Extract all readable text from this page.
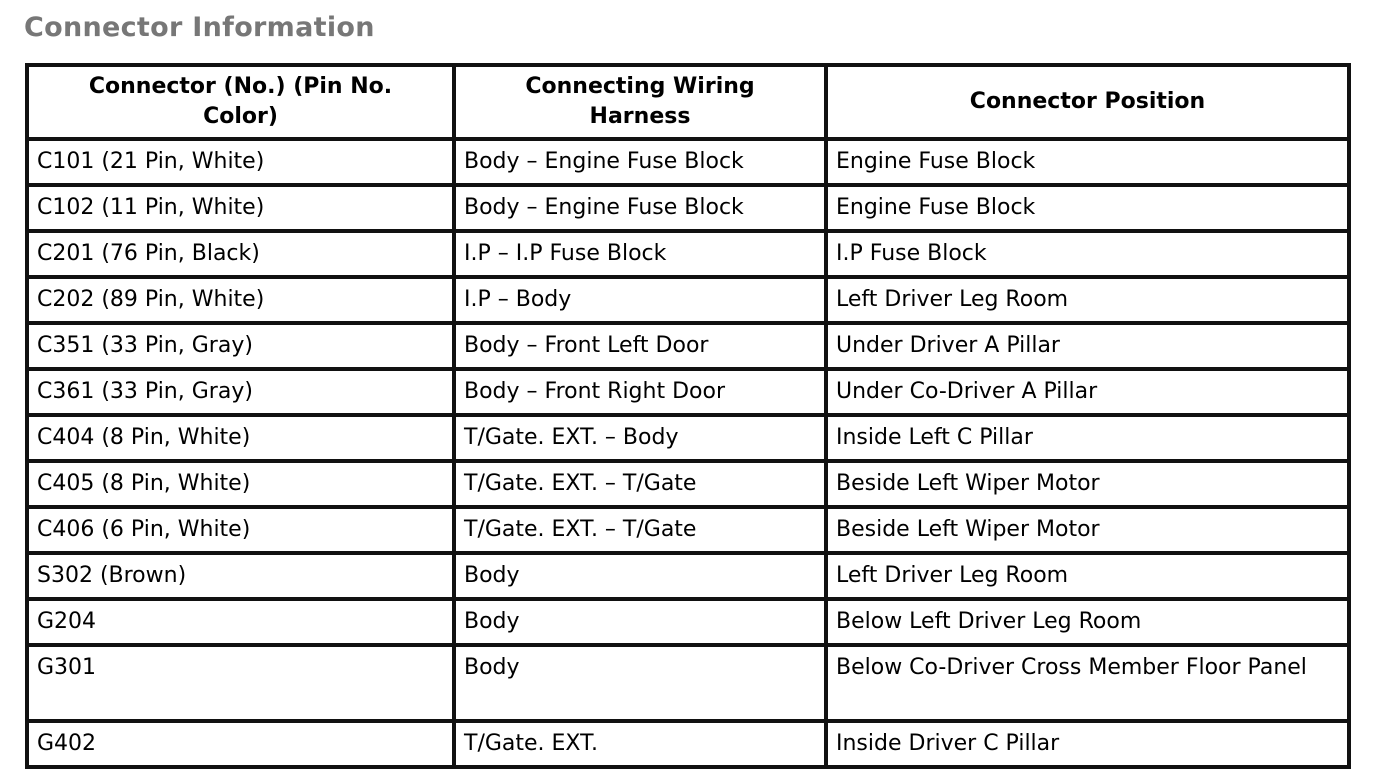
Connector Information
Connector (No.) (Pin No. Color)	Connecting Wiring Harness	Connector Position
C101 (21 Pin, White)	Body – Engine Fuse Block	Engine Fuse Block
C102 (11 Pin, White)	Body – Engine Fuse Block	Engine Fuse Block
C201 (76 Pin, Black)	I.P – I.P Fuse Block	I.P Fuse Block
C202 (89 Pin, White)	I.P – Body	Left Driver Leg Room
C351 (33 Pin, Gray)	Body – Front Left Door	Under Driver A Pillar
C361 (33 Pin, Gray)	Body – Front Right Door	Under Co-Driver A Pillar
C404 (8 Pin, White)	T/Gate. EXT. – Body	Inside Left C Pillar
C405 (8 Pin, White)	T/Gate. EXT. – T/Gate	Beside Left Wiper Motor
C406 (6 Pin, White)	T/Gate. EXT. – T/Gate	Beside Left Wiper Motor
S302 (Brown)	Body	Left Driver Leg Room
G204	Body	Below Left Driver Leg Room
G301	Body	Below Co-Driver Cross Member Floor Panel
G402	T/Gate. EXT.	Inside Driver C Pillar
